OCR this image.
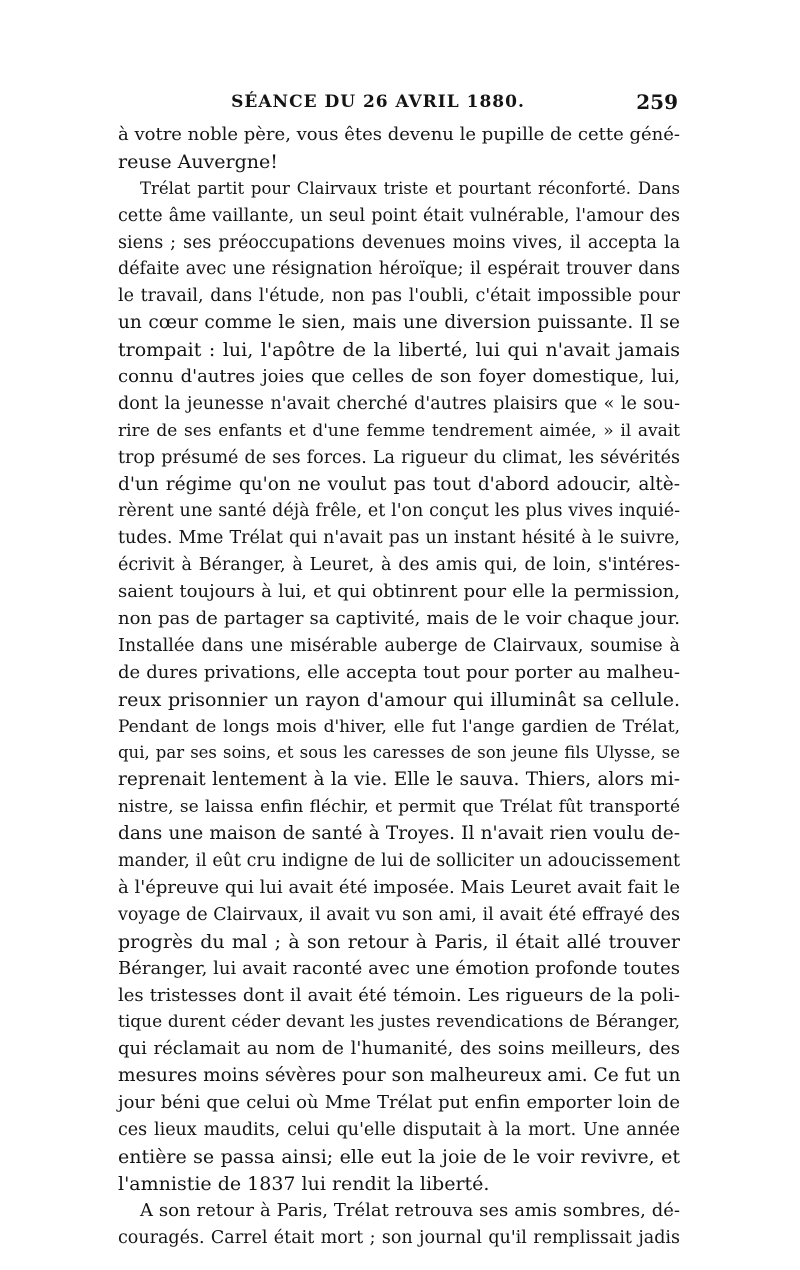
SÉANCE DU 26 AVRIL 1880.	259
à votre noble père, vous êtes devenu le pupille de cette géné-
reuse Auvergne!
Trélat partit pour Clairvaux triste et pourtant réconforté. Dans
cette âme vaillante, un seul point était vulnérable, l'amour des
siens ; ses préoccupations devenues moins vives, il accepta la
défaite avec une résignation héroïque; il espérait trouver dans
le travail, dans l'étude, non pas l'oubli, c'était impossible pour
un cœur comme le sien, mais une diversion puissante. Il se
trompait : lui, l'apôtre de la liberté, lui qui n'avait jamais
connu d'autres joies que celles de son foyer domestique, lui,
dont la jeunesse n'avait cherché d'autres plaisirs que « le sou-
rire de ses enfants et d'une femme tendrement aimée, » il avait
trop présumé de ses forces. La rigueur du climat, les sévérités
d'un régime qu'on ne voulut pas tout d'abord adoucir, altè-
rèrent une santé déjà frêle, et l'on conçut les plus vives inquié-
tudes. Mme Trélat qui n'avait pas un instant hésité à le suivre,
écrivit à Béranger, à Leuret, à des amis qui, de loin, s'intéres-
saient toujours à lui, et qui obtinrent pour elle la permission,
non pas de partager sa captivité, mais de le voir chaque jour.
Installée dans une misérable auberge de Clairvaux, soumise à
de dures privations, elle accepta tout pour porter au malheu-
reux prisonnier un rayon d'amour qui illuminât sa cellule.
Pendant de longs mois d'hiver, elle fut l'ange gardien de Trélat,
qui, par ses soins, et sous les caresses de son jeune fils Ulysse, se
reprenait lentement à la vie. Elle le sauva. Thiers, alors mi-
nistre, se laissa enfin fléchir, et permit que Trélat fût transporté
dans une maison de santé à Troyes. Il n'avait rien voulu de-
mander, il eût cru indigne de lui de solliciter un adoucissement
à l'épreuve qui lui avait été imposée. Mais Leuret avait fait le
voyage de Clairvaux, il avait vu son ami, il avait été effrayé des
progrès du mal ; à son retour à Paris, il était allé trouver
Béranger, lui avait raconté avec une émotion profonde toutes
les tristesses dont il avait été témoin. Les rigueurs de la poli-
tique durent céder devant les justes revendications de Béranger,
qui réclamait au nom de l'humanité, des soins meilleurs, des
mesures moins sévères pour son malheureux ami. Ce fut un
jour béni que celui où Mme Trélat put enfin emporter loin de
ces lieux maudits, celui qu'elle disputait à la mort. Une année
entière se passa ainsi; elle eut la joie de le voir revivre, et
l'amnistie de 1837 lui rendit la liberté.
A son retour à Paris, Trélat retrouva ses amis sombres, dé-
couragés. Carrel était mort ; son journal qu'il remplissait jadis
